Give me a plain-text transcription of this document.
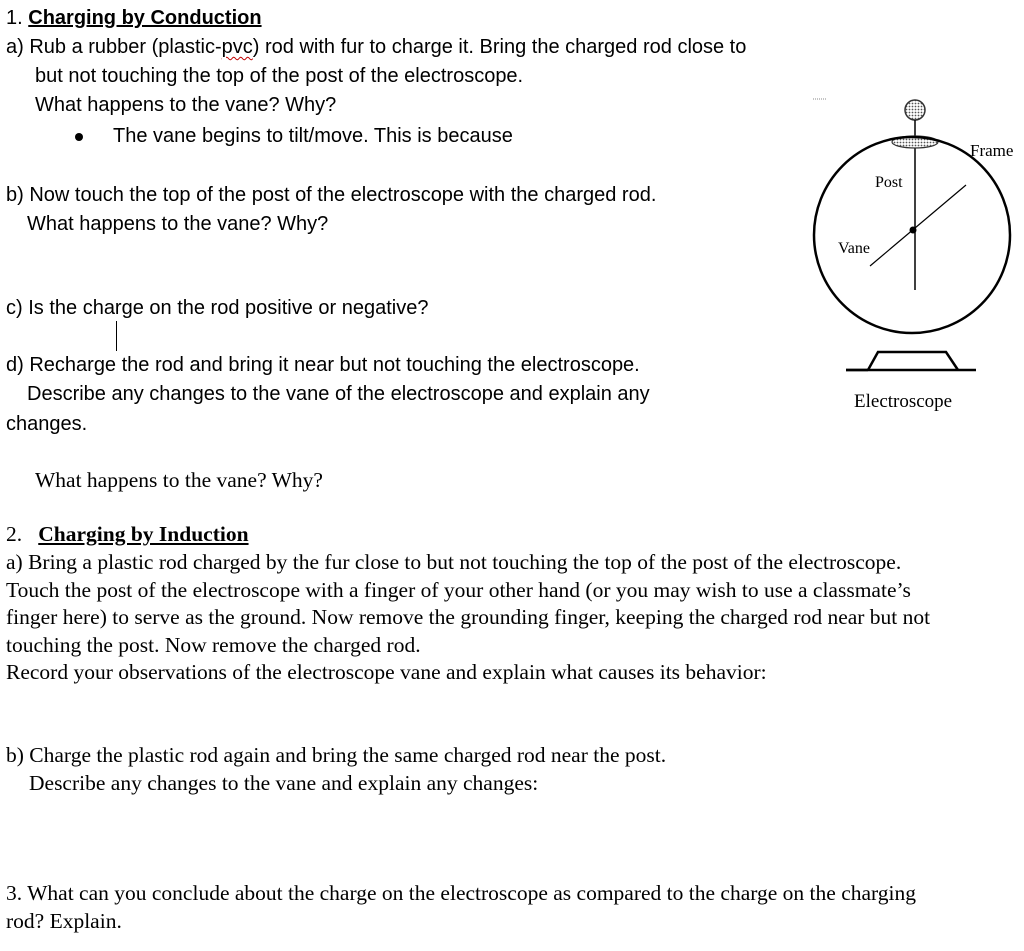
1. Charging by Conduction
a) Rub a rubber (plastic-pvc) rod with fur to charge it. Bring the charged rod close to
but not touching the top of the post of the electroscope.
What happens to the vane? Why?
The vane begins to tilt/move. This is because
b) Now touch the top of the post of the electroscope with the charged rod.
What happens to the vane? Why?
c) Is the charge on the rod positive or negative?
d) Recharge the rod and bring it near but not touching the electroscope.
Describe any changes to the vane of the electroscope and explain any
changes.
What happens to the vane? Why?
2. Charging by Induction
a) Bring a plastic rod charged by the fur close to but not touching the top of the post of the electroscope.
Touch the post of the electroscope with a finger of your other hand (or you may wish to use a classmate’s
finger here) to serve as the ground. Now remove the grounding finger, keeping the charged rod near but not
touching the post. Now remove the charged rod.
Record your observations of the electroscope vane and explain what causes its behavior:
b) Charge the plastic rod again and bring the same charged rod near the post.
Describe any changes to the vane and explain any changes:
3. What can you conclude about the charge on the electroscope as compared to the charge on the charging
rod? Explain.
Frame
Post
Vane
Electroscope
